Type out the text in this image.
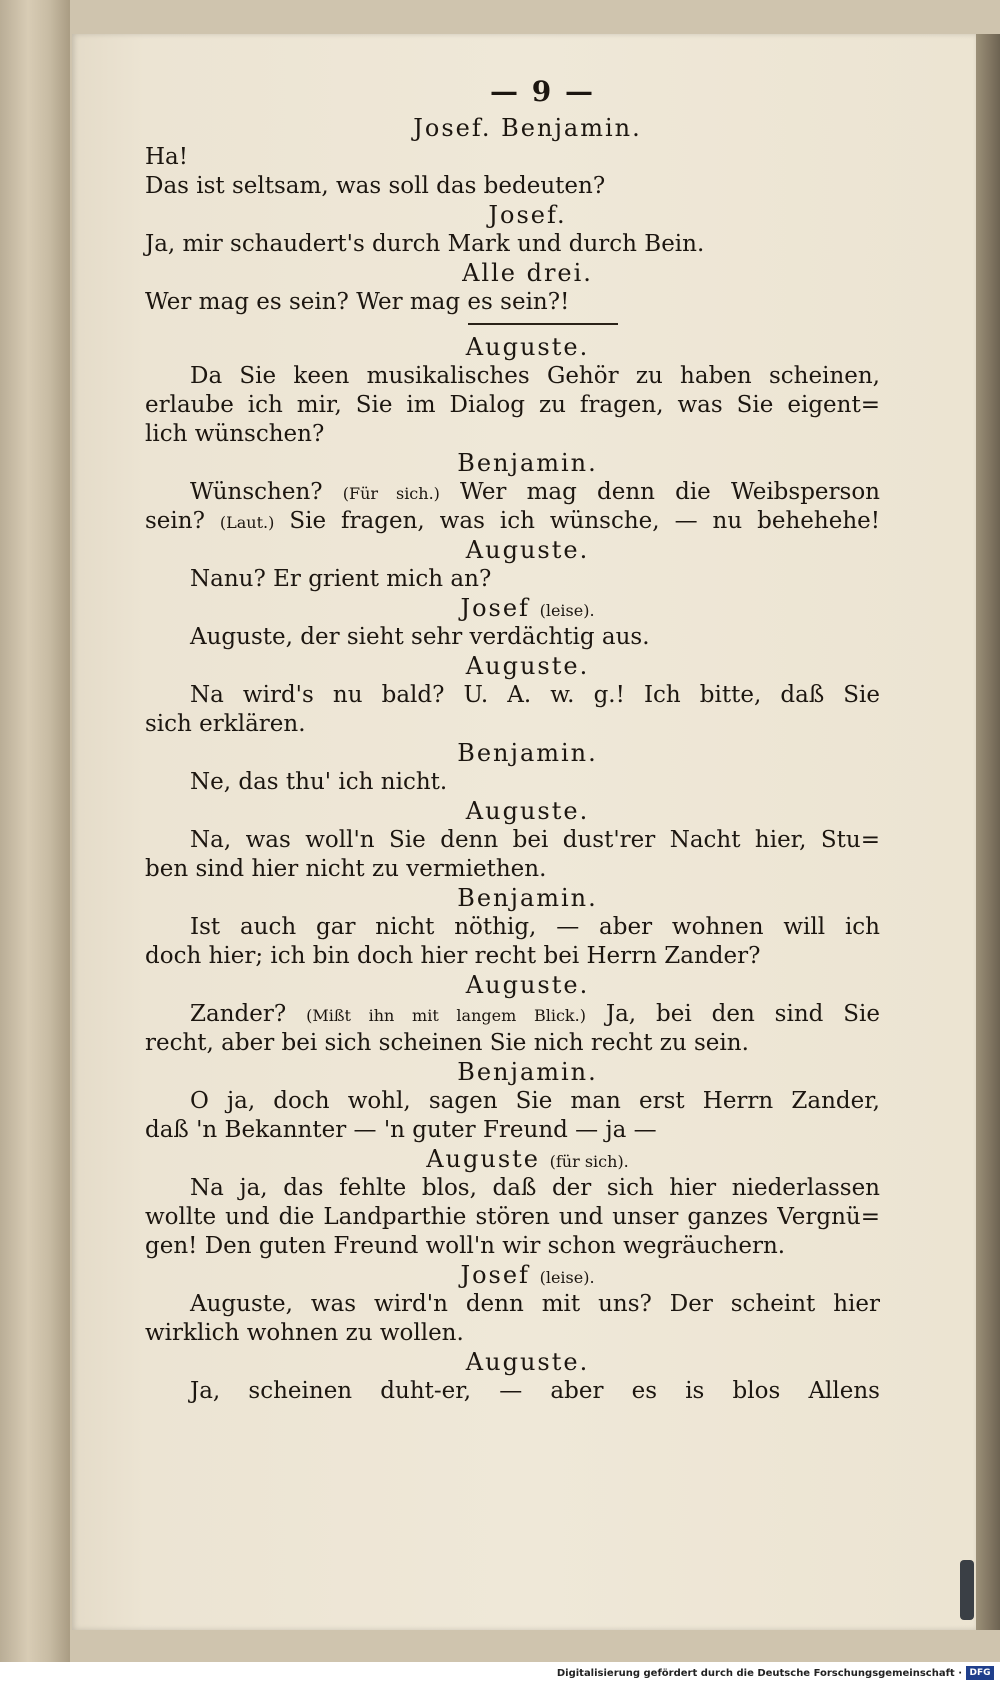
— 9 —
Josef. Benjamin.
Ha!
Das ist seltsam, was soll das bedeuten?
Josef.
Ja, mir schaudert's durch Mark und durch Bein.
Alle drei.
Wer mag es sein? Wer mag es sein?!
Auguste.
Da Sie keen musikalisches Gehör zu haben scheinen,
erlaube ich mir, Sie im Dialog zu fragen, was Sie eigent=
lich wünschen?
Benjamin.
Wünschen? (Für sich.) Wer mag denn die Weibsperson
sein? (Laut.) Sie fragen, was ich wünsche, — nu behehehe!
Auguste.
Nanu? Er grient mich an?
Josef (leise).
Auguste, der sieht sehr verdächtig aus.
Auguste.
Na wird's nu bald? U. A. w. g.! Ich bitte, daß Sie
sich erklären.
Benjamin.
Ne, das thu' ich nicht.
Auguste.
Na, was woll'n Sie denn bei dust'rer Nacht hier, Stu=
ben sind hier nicht zu vermiethen.
Benjamin.
Ist auch gar nicht nöthig, — aber wohnen will ich
doch hier; ich bin doch hier recht bei Herrn Zander?
Auguste.
Zander? (Mißt ihn mit langem Blick.) Ja, bei den sind Sie
recht, aber bei sich scheinen Sie nich recht zu sein.
Benjamin.
O ja, doch wohl, sagen Sie man erst Herrn Zander,
daß 'n Bekannter — 'n guter Freund — ja —
Auguste (für sich).
Na ja, das fehlte blos, daß der sich hier niederlassen
wollte und die Landparthie stören und unser ganzes Vergnü=
gen! Den guten Freund woll'n wir schon wegräuchern.
Josef (leise).
Auguste, was wird'n denn mit uns? Der scheint hier
wirklich wohnen zu wollen.
Auguste.
Ja, scheinen duht-er, — aber es is blos Allens
Digitalisierung gefördert durch die Deutsche Forschungsgemeinschaft · DFG
